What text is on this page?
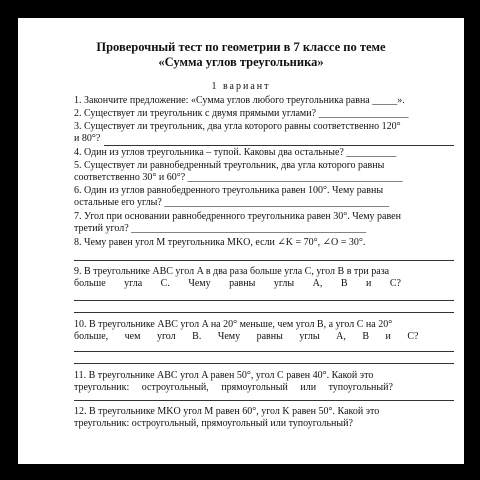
Проверочный тест по геометрии в 7 классе по теме
«Сумма углов треугольника»
1 вариант
1. Закончите предложение: «Сумма углов любого треугольника равна _____».
2. Существует ли треугольник с двумя прямыми углами? __________________
3. Существует ли треугольник, два угла которого равны соответственно 120°
и 80°?
4. Один из углов треугольника – тупой. Каковы два остальные? __________
5. Существует ли равнобедренный треугольник, два угла которого равны
соответственно 30° и 60°? ___________________________________________
6. Один из углов равнобедренного треугольника равен 100°. Чему равны
остальные его углы? _____________________________________________
7. Угол при основании равнобедренного треугольника равен 30°. Чему равен
третий угол? _______________________________________________
8. Чему равен угол M треугольника MKO, если ∠K = 70°, ∠O = 30°.
9. В треугольнике ABC угол A в два раза больше угла C, угол B в три раза
больше угла C. Чему равны углы A, B и C?
10. В треугольнике ABC угол A на 20° меньше, чем угол B, а угол C на 20°
больше, чем угол B. Чему равны углы A, B и C?
11. В треугольнике ABC угол A равен 50°, угол C равен 40°. Какой это
треугольник: остроугольный, прямоугольный или тупоугольный?
12. В треугольнике MKO угол M равен 60°, угол K равен 50°. Какой это
треугольник: остроугольный, прямоугольный или тупоугольный?
